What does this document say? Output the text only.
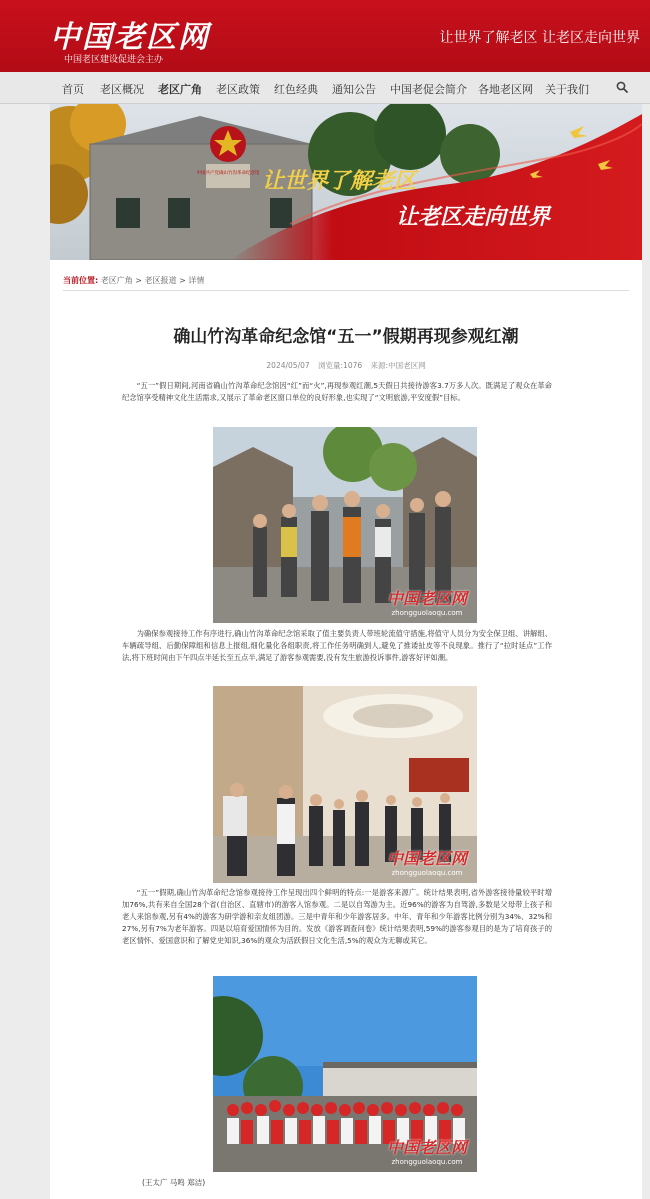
中国老区网
中国老区建设促进会主办
让世界了解老区 让老区走向世界
首页 老区概况 老区广角 老区政策 红色经典 通知公告 中国老促会简介 各地老区网 关于我们
中国共产党确山竹沟革命纪念馆 让世界了解老区
让老区走向世界
当前位置: 老区广角 > 老区报道 > 详情
确山竹沟革命纪念馆“五一”假期再现参观红潮
2024/05/07 浏览量:1076 来源:中国老区网

“五一”假日期间,河南省确山竹沟革命纪念馆因“红”而“火”,再现参观红潮,5天假日共接待游客3.7万多人次。既满足了观众在革命纪念馆享受精神文化生活需求,又展示了革命老区窗口单位的良好形象,也实现了“文明旅游,平安度假”目标。

中国老区网
zhongguolaoqu.com

为确保参观接待工作有序进行,确山竹沟革命纪念馆采取了值主要负责人带班轮流值守措施,将值守人员分为安全保卫组、讲解组、车辆疏导组、后勤保障组和信息上报组,细化量化各组职责,将工作任务明确到人,避免了推诿扯皮等不良现象。推行了“拉时延点”工作法,将下班时间由下午四点半延长至五点半,满足了游客参观需要,没有发生旅游投诉事件,游客好评如潮。

中国老区网
zhongguolaoqu.com

“五一”假期,确山竹沟革命纪念馆参观接待工作呈现出四个鲜明的特点:一是游客来源广。统计结果表明,省外游客接待量较平时增加76%,共有来自全国28个省(自治区、直辖市)的游客入馆参观。二是以自驾游为主。近96%的游客为自驾游,多数是父母带上孩子和老人来馆参观,另有4%的游客为研学游和亲友组团游。三是中青年和少年游客居多。中年、青年和少年游客比例分别为34%、32%和27%,另有7%为老年游客。四是以培育爱国情怀为目的。发放《游客调查问卷》统计结果表明,59%的游客参观目的是为了培育孩子的老区情怀、爱国意识和了解党史知识,36%的观众为活跃假日文化生活,5%的观众为无聊或其它。

中国老区网
zhongguolaoqu.com
(王太广 马鸣 郑洁)
